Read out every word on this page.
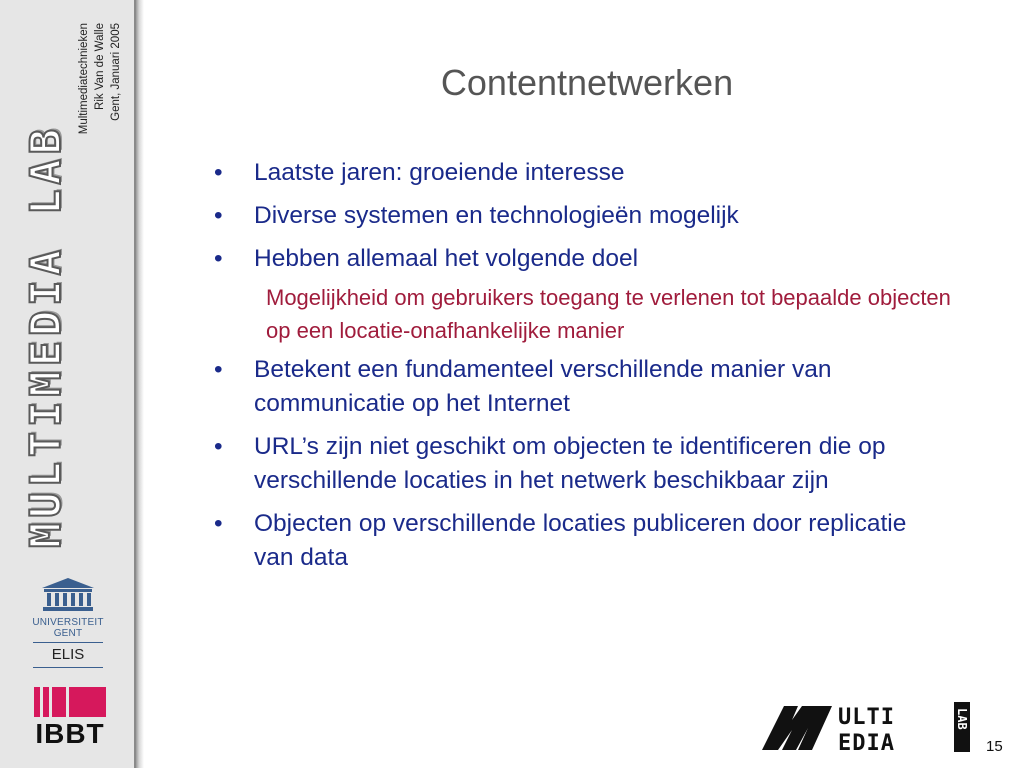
MULTIMEDIA LAB
Multimediatechnieken Rik Van de Walle Gent, Januari 2005
UNIVERSITEIT
GENT
ELIS
IBBT
Contentnetwerken
• Laatste jaren: groeiende interesse
• Diverse systemen en technologieën mogelijk
• Hebben allemaal het volgende doel
Mogelijkheid om gebruikers toegang te verlenen tot bepaalde objecten op een locatie-onafhankelijke manier
• Betekent een fundamenteel verschillende manier van communicatie op het Internet
• URL’s zijn niet geschikt om objecten te identificeren die op verschillende locaties in het netwerk beschikbaar zijn
• Objecten op verschillende locaties publiceren door replicatie van data
ULTI
EDIA
LAB
15
